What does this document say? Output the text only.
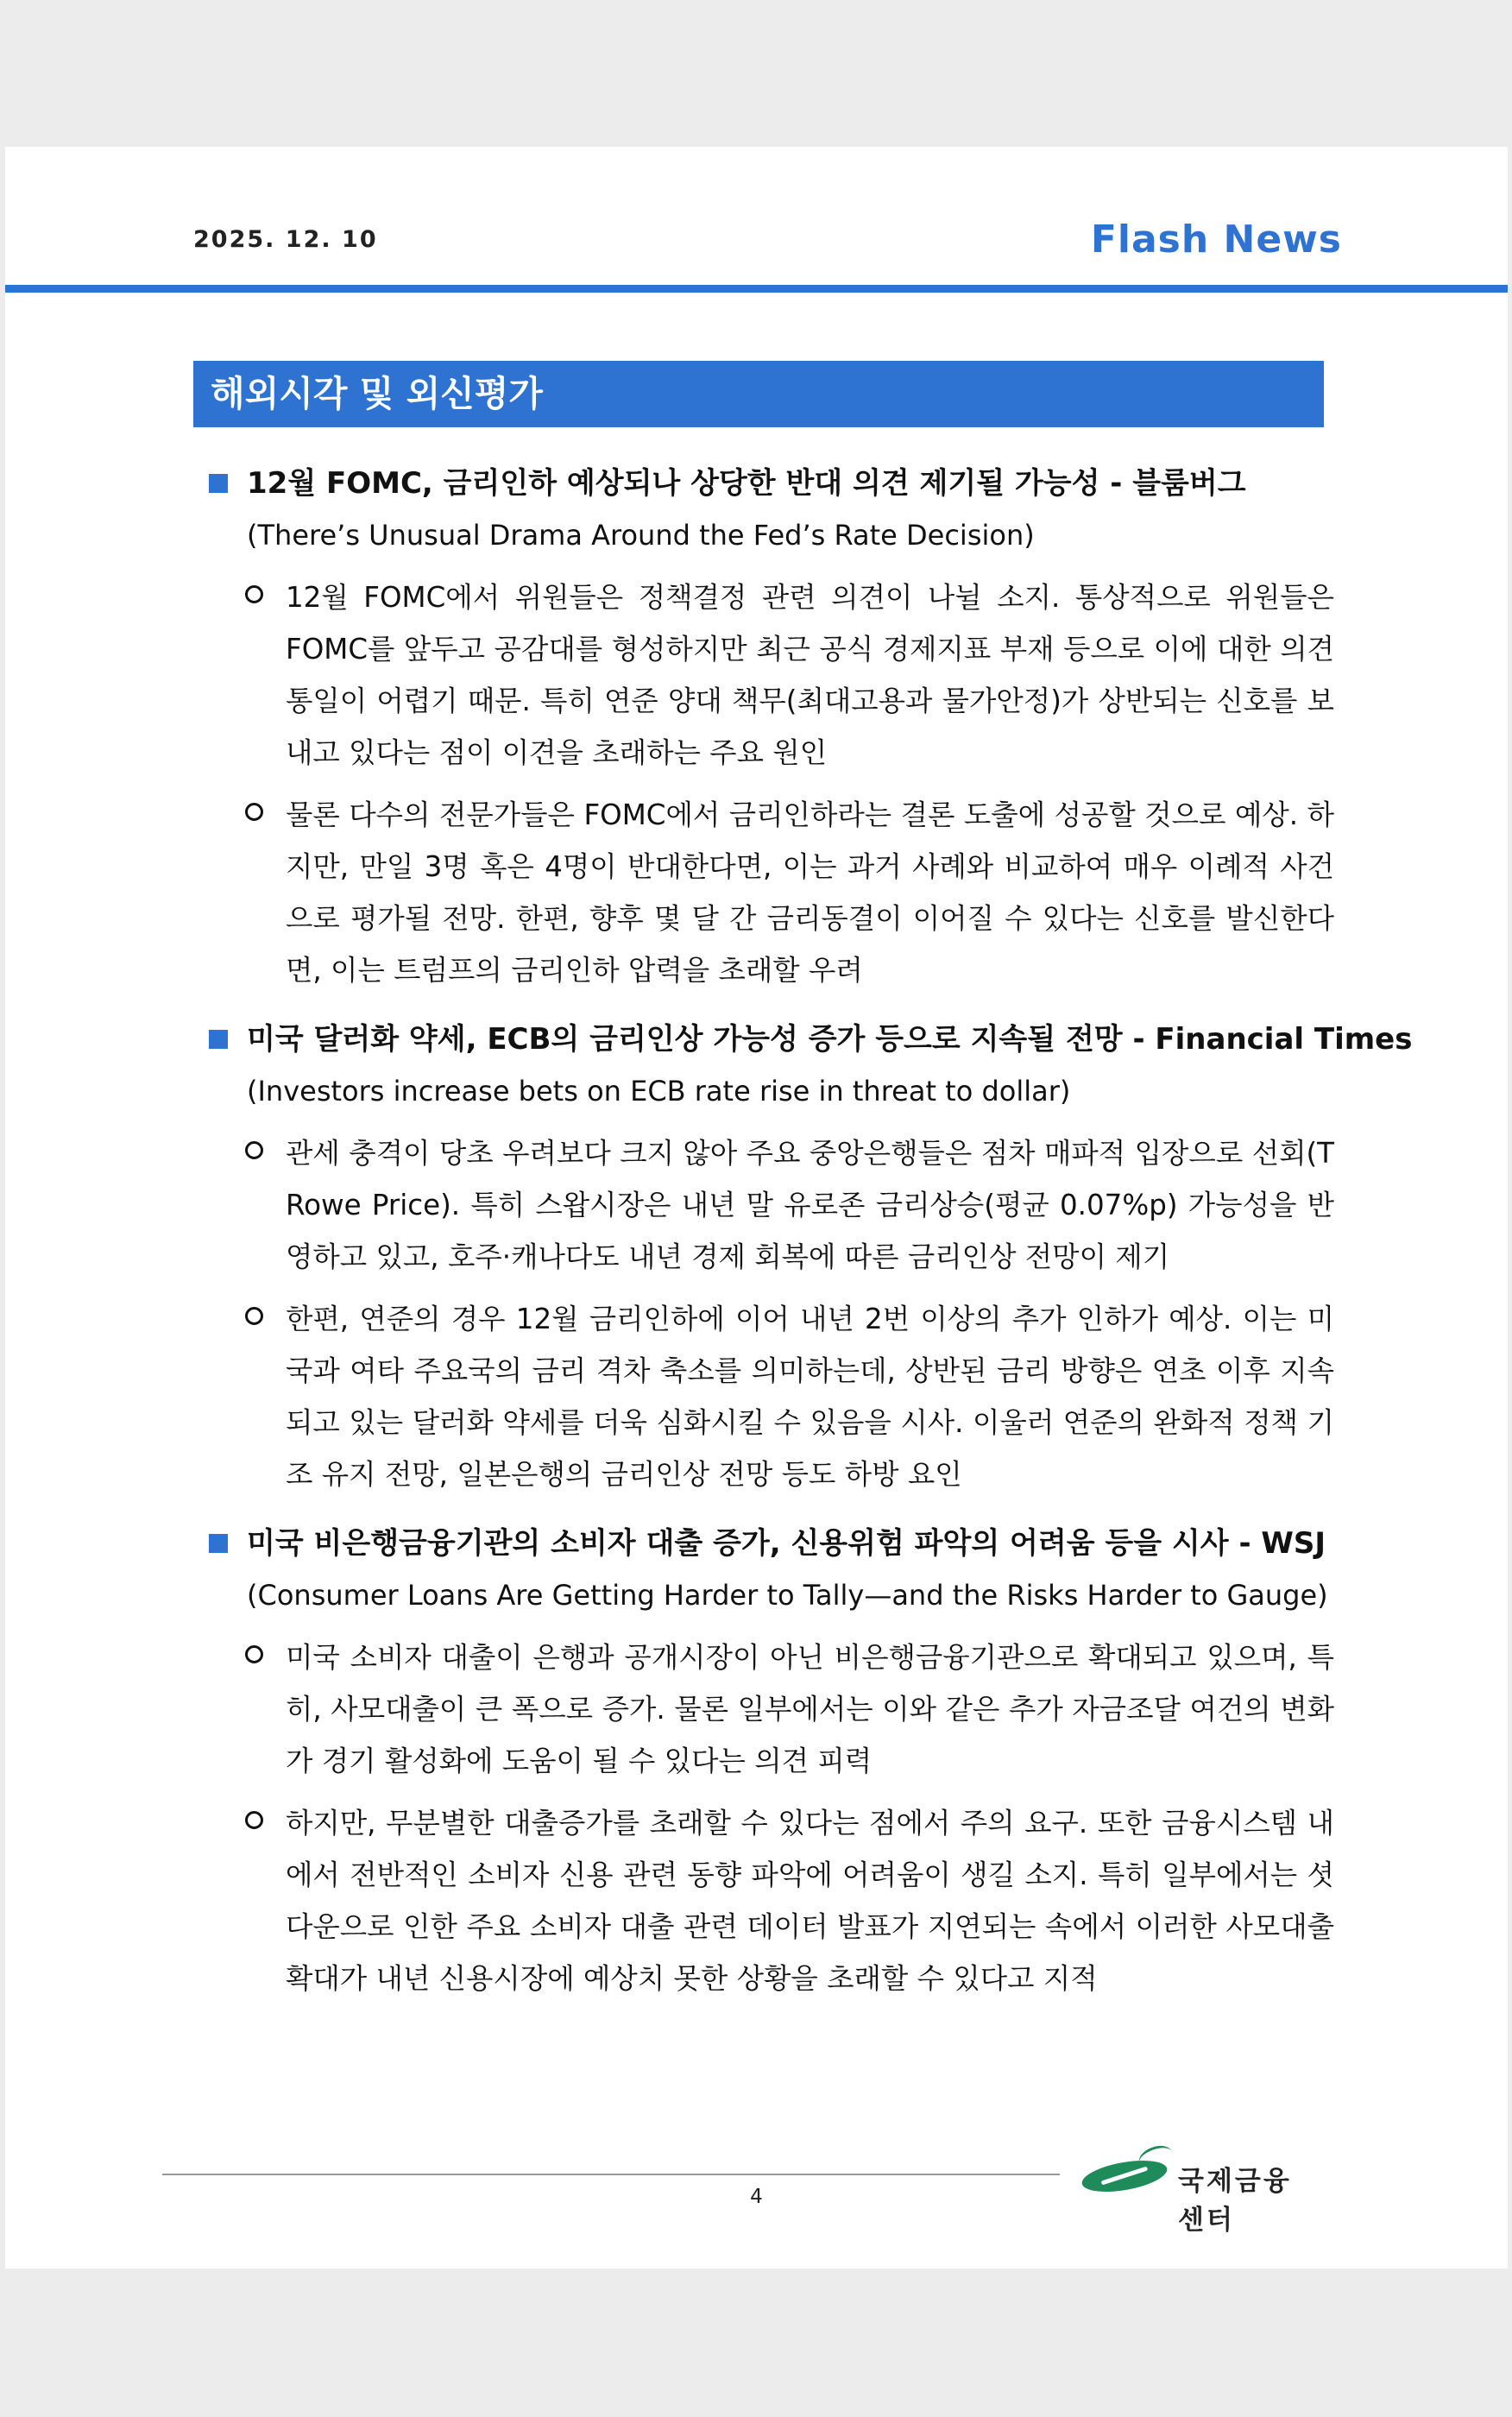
2025. 12. 10	Flash News
해외시각 및 외신평가
12월 FOMC, 금리인하 예상되나 상당한 반대 의견 제기될 가능성 - 블룸버그
(There’s Unusual Drama Around the Fed’s Rate Decision)
12월 FOMC에서 위원들은 정책결정 관련 의견이 나뉠 소지. 통상적으로 위원들은 FOMC를 앞두고 공감대를 형성하지만 최근 공식 경제지표 부재 등으로 이에 대한 의견 통일이 어렵기 때문. 특히 연준 양대 책무(최대고용과 물가안정)가 상반되는 신호를 보내고 있다는 점이 이견을 초래하는 주요 원인
물론 다수의 전문가들은 FOMC에서 금리인하라는 결론 도출에 성공할 것으로 예상. 하지만, 만일 3명 혹은 4명이 반대한다면, 이는 과거 사례와 비교하여 매우 이례적 사건으로 평가될 전망. 한편, 향후 몇 달 간 금리동결이 이어질 수 있다는 신호를 발신한다면, 이는 트럼프의 금리인하 압력을 초래할 우려
미국 달러화 약세, ECB의 금리인상 가능성 증가 등으로 지속될 전망 - Financial Times
(Investors increase bets on ECB rate rise in threat to dollar)
관세 충격이 당초 우려보다 크지 않아 주요 중앙은행들은 점차 매파적 입장으로 선회(T Rowe Price). 특히 스왑시장은 내년 말 유로존 금리상승(평균 0.07%p) 가능성을 반영하고 있고, 호주·캐나다도 내년 경제 회복에 따른 금리인상 전망이 제기
한편, 연준의 경우 12월 금리인하에 이어 내년 2번 이상의 추가 인하가 예상. 이는 미국과 여타 주요국의 금리 격차 축소를 의미하는데, 상반된 금리 방향은 연초 이후 지속되고 있는 달러화 약세를 더욱 심화시킬 수 있음을 시사. 이울러 연준의 완화적 정책 기조 유지 전망, 일본은행의 금리인상 전망 등도 하방 요인
미국 비은행금융기관의 소비자 대출 증가, 신용위험 파악의 어려움 등을 시사 - WSJ
(Consumer Loans Are Getting Harder to Tally—and the Risks Harder to Gauge)
미국 소비자 대출이 은행과 공개시장이 아닌 비은행금융기관으로 확대되고 있으며, 특히, 사모대출이 큰 폭으로 증가. 물론 일부에서는 이와 같은 추가 자금조달 여건의 변화가 경기 활성화에 도움이 될 수 있다는 의견 피력
하지만, 무분별한 대출증가를 초래할 수 있다는 점에서 주의 요구. 또한 금융시스템 내에서 전반적인 소비자 신용 관련 동향 파악에 어려움이 생길 소지. 특히 일부에서는 셧다운으로 인한 주요 소비자 대출 관련 데이터 발표가 지연되는 속에서 이러한 사모대출 확대가 내년 신용시장에 예상치 못한 상황을 초래할 수 있다고 지적
국제금융센터
4
